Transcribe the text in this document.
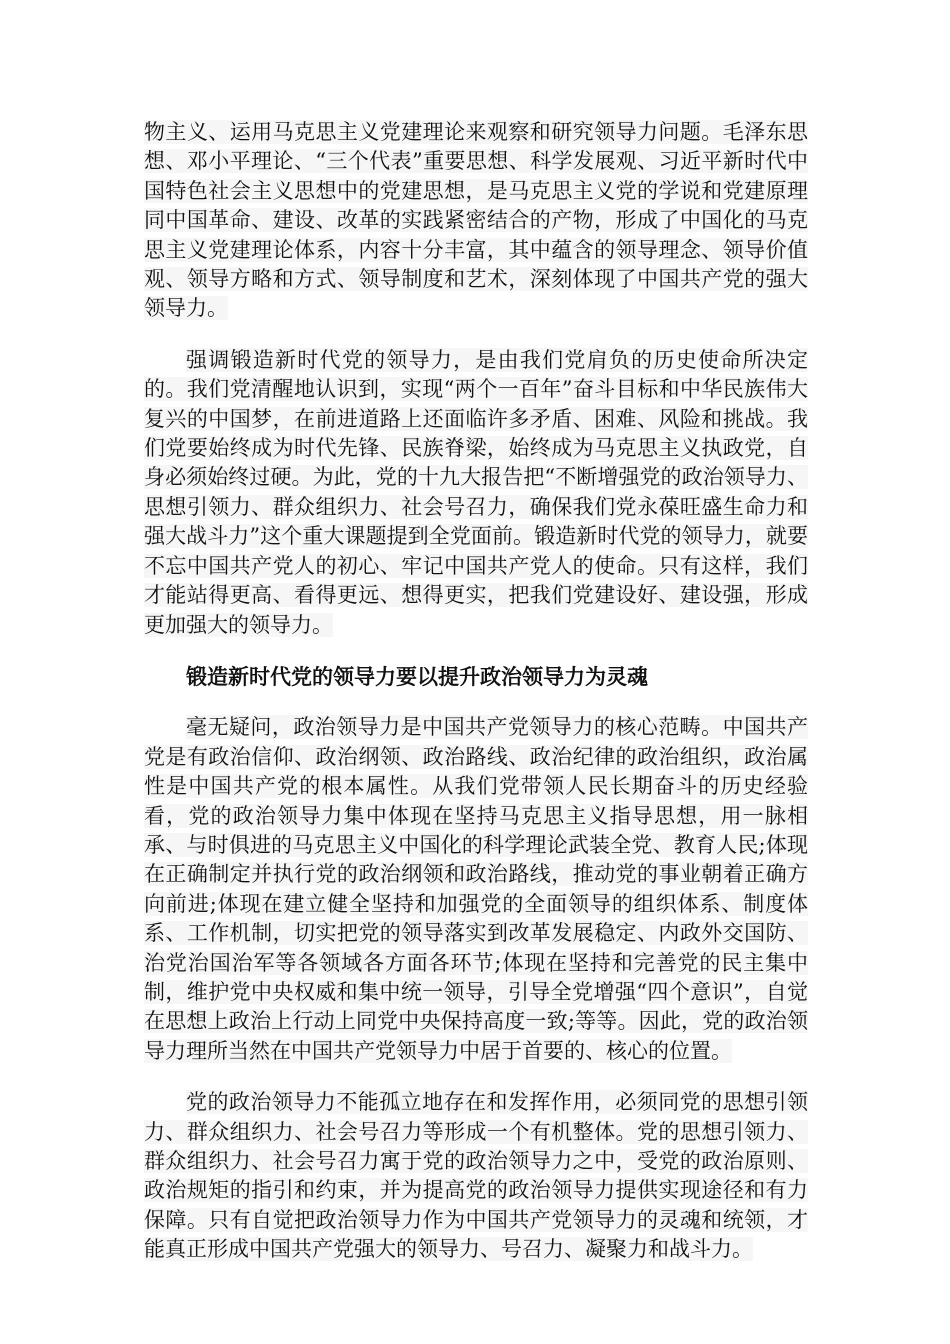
物主义、运用马克思主义党建理论来观察和研究领导力问题。毛泽东思想、邓小平理论、“三个代表”重要思想、科学发展观、习近平新时代中国特色社会主义思想中的党建思想，是马克思主义党的学说和党建原理同中国革命、建设、改革的实践紧密结合的产物，形成了中国化的马克思主义党建理论体系，内容十分丰富，其中蕴含的领导理念、领导价值观、领导方略和方式、领导制度和艺术，深刻体现了中国共产党的强大领导力。

强调锻造新时代党的领导力，是由我们党肩负的历史使命所决定的。我们党清醒地认识到，实现“两个一百年”奋斗目标和中华民族伟大复兴的中国梦，在前进道路上还面临许多矛盾、困难、风险和挑战。我们党要始终成为时代先锋、民族脊梁，始终成为马克思主义执政党，自身必须始终过硬。为此，党的十九大报告把“不断增强党的政治领导力、思想引领力、群众组织力、社会号召力，确保我们党永葆旺盛生命力和强大战斗力”这个重大课题提到全党面前。锻造新时代党的领导力，就要不忘中国共产党人的初心、牢记中国共产党人的使命。只有这样，我们才能站得更高、看得更远、想得更实，把我们党建设好、建设强，形成更加强大的领导力。

锻造新时代党的领导力要以提升政治领导力为灵魂

毫无疑问，政治领导力是中国共产党领导力的核心范畴。中国共产党是有政治信仰、政治纲领、政治路线、政治纪律的政治组织，政治属性是中国共产党的根本属性。从我们党带领人民长期奋斗的历史经验看，党的政治领导力集中体现在坚持马克思主义指导思想，用一脉相承、与时俱进的马克思主义中国化的科学理论武装全党、教育人民;体现在正确制定并执行党的政治纲领和政治路线，推动党的事业朝着正确方向前进;体现在建立健全坚持和加强党的全面领导的组织体系、制度体系、工作机制，切实把党的领导落实到改革发展稳定、内政外交国防、治党治国治军等各领域各方面各环节;体现在坚持和完善党的民主集中制，维护党中央权威和集中统一领导，引导全党增强“四个意识”，自觉在思想上政治上行动上同党中央保持高度一致;等等。因此，党的政治领导力理所当然在中国共产党领导力中居于首要的、核心的位置。

党的政治领导力不能孤立地存在和发挥作用，必须同党的思想引领力、群众组织力、社会号召力等形成一个有机整体。党的思想引领力、群众组织力、社会号召力寓于党的政治领导力之中，受党的政治原则、政治规矩的指引和约束，并为提高党的政治领导力提供实现途径和有力保障。只有自觉把政治领导力作为中国共产党领导力的灵魂和统领，才能真正形成中国共产党强大的领导力、号召力、凝聚力和战斗力。
